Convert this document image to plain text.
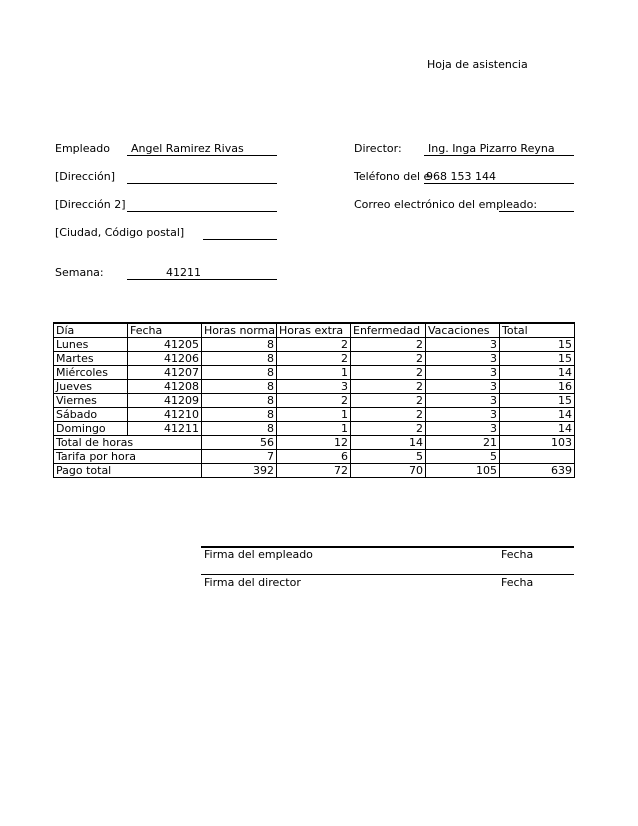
Hoja de asistencia
Empleado Angel Ramirez Rivas
[Dirección]
[Dirección 2]
[Ciudad, Código postal]
Semana:	41211
Director: Ing. Inga Pizarro Reyna
Teléfono del e
968 153 144
Correo electrónico del empleado:
Día	Fecha	Horas normal	Horas extra	Enfermedad	Vacaciones	Total
Lunes	41205	8	2	2	3	15
Martes	41206	8	2	2	3	15
Miércoles	41207	8	1	2	3	14
Jueves	41208	8	3	2	3	16
Viernes	41209	8	2	2	3	15
Sábado	41210	8	1	2	3	14
Domingo	41211	8	1	2	3	14
Total de horas		56	12	14	21	103
Tarifa por hora		7	6	5	5	
Pago total		392	72	70	105	639
Firma del empleado	Fecha
Firma del director	Fecha
